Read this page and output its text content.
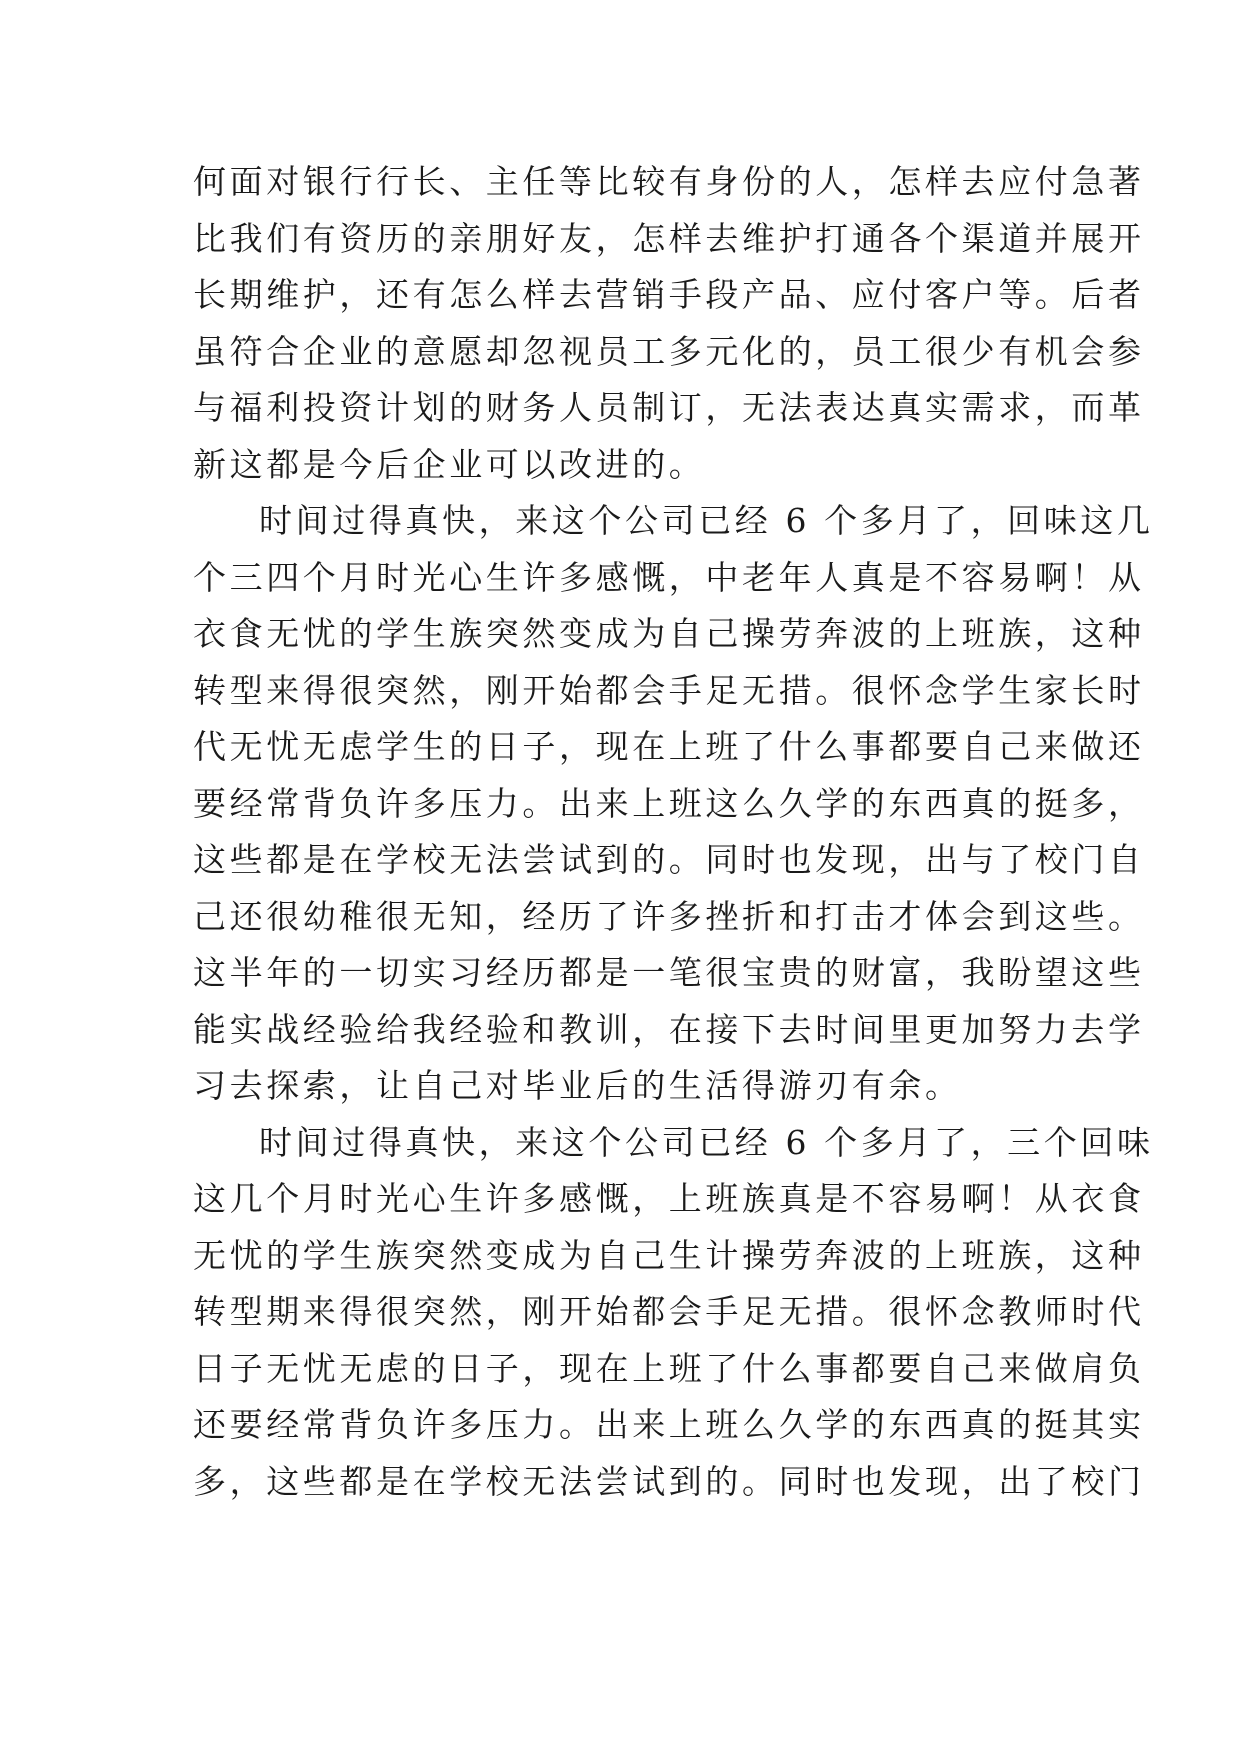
何面对银行行长、主任等比较有身份的人，怎样去应付急著
比我们有资历的亲朋好友，怎样去维护打通各个渠道并展开
长期维护，还有怎么样去营销手段产品、应付客户等。后者
虽符合企业的意愿却忽视员工多元化的，员工很少有机会参
与福利投资计划的财务人员制订，无法表达真实需求，而革
新这都是今后企业可以改进的。
时间过得真快，来这个公司已经 6 个多月了，回味这几
个三四个月时光心生许多感慨，中老年人真是不容易啊！从
衣食无忧的学生族突然变成为自己操劳奔波的上班族，这种
转型来得很突然，刚开始都会手足无措。很怀念学生家长时
代无忧无虑学生的日子，现在上班了什么事都要自己来做还
要经常背负许多压力。出来上班这么久学的东西真的挺多，
这些都是在学校无法尝试到的。同时也发现，出与了校门自
己还很幼稚很无知，经历了许多挫折和打击才体会到这些。
这半年的一切实习经历都是一笔很宝贵的财富，我盼望这些
能实战经验给我经验和教训，在接下去时间里更加努力去学
习去探索，让自己对毕业后的生活得游刃有余。
时间过得真快，来这个公司已经 6 个多月了，三个回味
这几个月时光心生许多感慨，上班族真是不容易啊！从衣食
无忧的学生族突然变成为自己生计操劳奔波的上班族，这种
转型期来得很突然，刚开始都会手足无措。很怀念教师时代
日子无忧无虑的日子，现在上班了什么事都要自己来做肩负
还要经常背负许多压力。出来上班么久学的东西真的挺其实
多，这些都是在学校无法尝试到的。同时也发现，出了校门
